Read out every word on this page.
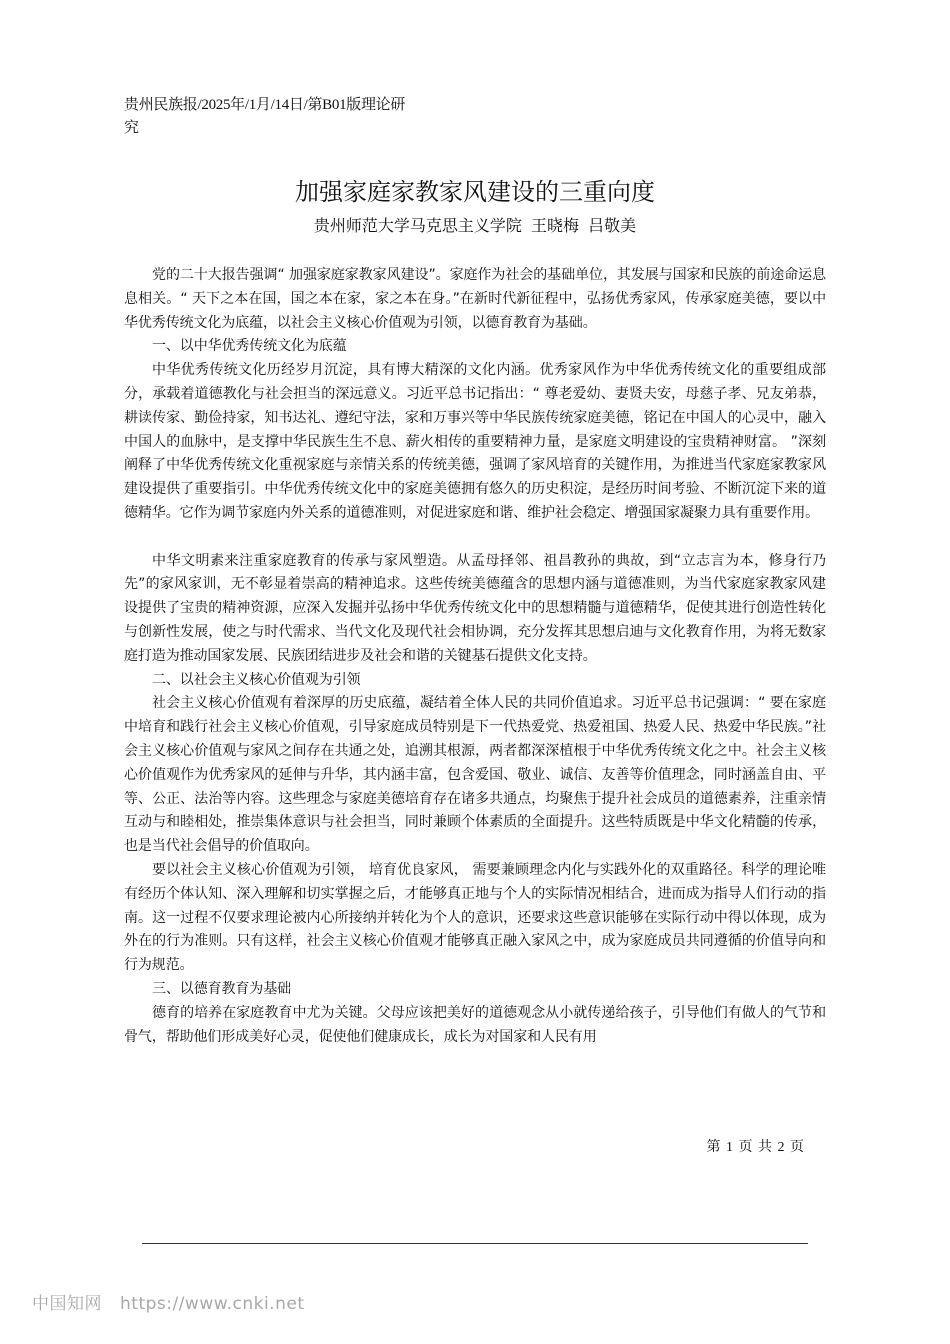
贵州民族报/2025年/1月/14日/第B01版理论研究
加强家庭家教家风建设的三重向度
贵州师范大学马克思主义学院 王晓梅 吕敬美

党的二十大报告强调“ 加强家庭家教家风建设”。家庭作为社会的基础单位，其发展与国家和民族的前途命运息息相关。“ 天下之本在国，国之本在家，家之本在身。”在新时代新征程中，弘扬优秀家风，传承家庭美德，要以中华优秀传统文化为底蕴，以社会主义核心价值观为引领，以德育教育为基础。

一、以中华优秀传统文化为底蕴

中华优秀传统文化历经岁月沉淀，具有博大精深的文化内涵。优秀家风作为中华优秀传统文化的重要组成部分，承载着道德教化与社会担当的深远意义。习近平总书记指出：“ 尊老爱幼、妻贤夫安，母慈子孝、兄友弟恭，耕读传家、勤俭持家，知书达礼、遵纪守法，家和万事兴等中华民族传统家庭美德，铭记在中国人的心灵中，融入中国人的血脉中，是支撑中华民族生生不息、薪火相传的重要精神力量，是家庭文明建设的宝贵精神财富。 ”深刻阐释了中华优秀传统文化重视家庭与亲情关系的传统美德，强调了家风培育的关键作用，为推进当代家庭家教家风建设提供了重要指引。中华优秀传统文化中的家庭美德拥有悠久的历史积淀，是经历时间考验、不断沉淀下来的道德精华。它作为调节家庭内外关系的道德准则，对促进家庭和谐、维护社会稳定、增强国家凝聚力具有重要作用。

中华文明素来注重家庭教育的传承与家风塑造。从孟母择邻、祖昌教孙的典故，到“立志言为本，修身行乃先”的家风家训，无不彰显着崇高的精神追求。这些传统美德蕴含的思想内涵与道德准则，为当代家庭家教家风建设提供了宝贵的精神资源，应深入发掘并弘扬中华优秀传统文化中的思想精髓与道德精华，促使其进行创造性转化与创新性发展，使之与时代需求、当代文化及现代社会相协调，充分发挥其思想启迪与文化教育作用，为将无数家庭打造为推动国家发展、民族团结进步及社会和谐的关键基石提供文化支持。

二、以社会主义核心价值观为引领

社会主义核心价值观有着深厚的历史底蕴，凝结着全体人民的共同价值追求。习近平总书记强调：“ 要在家庭中培育和践行社会主义核心价值观，引导家庭成员特别是下一代热爱党、热爱祖国、热爱人民、热爱中华民族。”社会主义核心价值观与家风之间存在共通之处，追溯其根源，两者都深深植根于中华优秀传统文化之中。社会主义核心价值观作为优秀家风的延伸与升华，其内涵丰富，包含爱国、敬业、诚信、友善等价值理念，同时涵盖自由、平等、公正、法治等内容。这些理念与家庭美德培育存在诸多共通点，均聚焦于提升社会成员的道德素养，注重亲情互动与和睦相处，推崇集体意识与社会担当，同时兼顾个体素质的全面提升。这些特质既是中华文化精髓的传承，也是当代社会倡导的价值取向。

要以社会主义核心价值观为引领， 培育优良家风， 需要兼顾理念内化与实践外化的双重路径。科学的理论唯有经历个体认知、深入理解和切实掌握之后，才能够真正地与个人的实际情况相结合，进而成为指导人们行动的指南。这一过程不仅要求理论被内心所接纳并转化为个人的意识，还要求这些意识能够在实际行动中得以体现，成为外在的行为准则。只有这样，社会主义核心价值观才能够真正融入家风之中，成为家庭成员共同遵循的价值导向和行为规范。

三、以德育教育为基础

德育的培养在家庭教育中尤为关键。父母应该把美好的道德观念从小就传递给孩子，引导他们有做人的气节和骨气，帮助他们形成美好心灵，促使他们健康成长，成长为对国家和人民有用

第 1 页 共 2 页
中国知网 https://www.cnki.net
